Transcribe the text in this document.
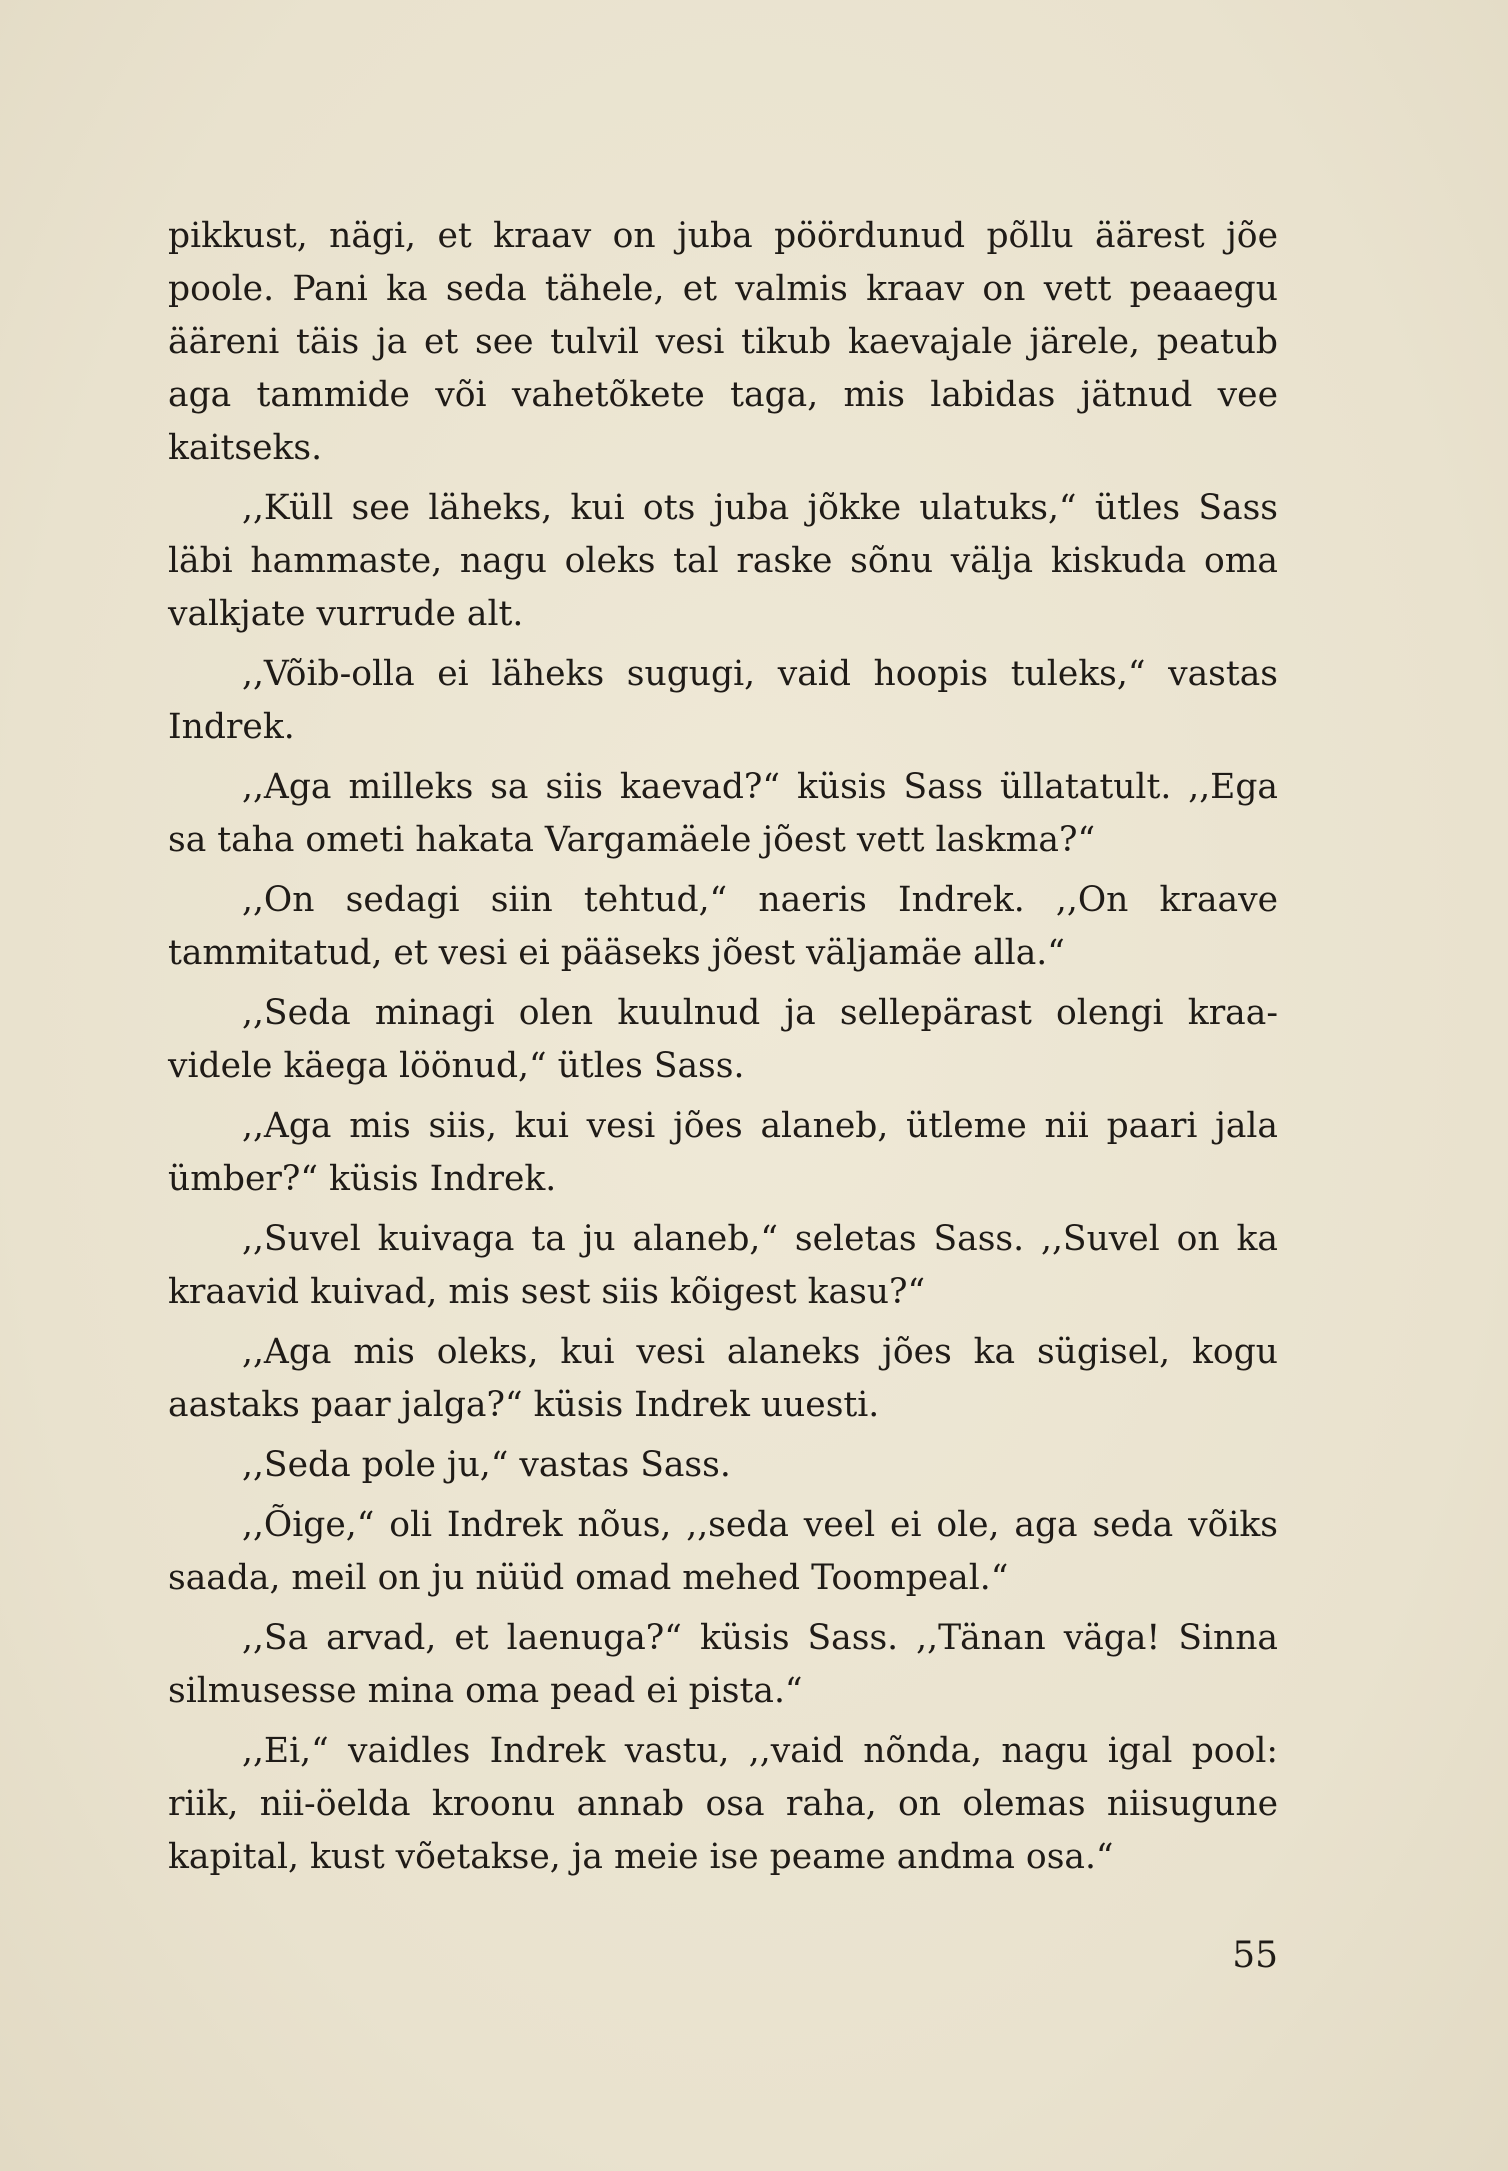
pikkust, nägi, et kraav on juba pöördunud põllu äärest jõe poole. Pani ka seda tähele, et valmis kraav on vett peaaegu ääreni täis ja et see tulvil vesi tikub kaevajale järele, peatub aga tammide või vahetõkete taga, mis labidas jätnud vee kaitseks.

,,Küll see läheks, kui ots juba jõkke ulatuks,“ ütles Sass läbi hammaste, nagu oleks tal raske sõnu välja kiskuda oma valkjate vurrude alt.

,,Võib-olla ei läheks sugugi, vaid hoopis tuleks,“ vastas Indrek.

,,Aga milleks sa siis kaevad?“ küsis Sass üllatatult. ,,Ega sa taha ometi hakata Vargamäele jõest vett laskma?“

,,On sedagi siin tehtud,“ naeris Indrek. ,,On kraave tammitatud, et vesi ei pääseks jõest väljamäe alla.“

,,Seda minagi olen kuulnud ja sellepärast olengi kraavidele käega löönud,“ ütles Sass.

,,Aga mis siis, kui vesi jões alaneb, ütleme nii paari jala ümber?“ küsis Indrek.

,,Suvel kuivaga ta ju alaneb,“ seletas Sass. ,,Suvel on ka kraavid kuivad, mis sest siis kõigest kasu?“

,,Aga mis oleks, kui vesi alaneks jões ka sügisel, kogu aastaks paar jalga?“ küsis Indrek uuesti.

,,Seda pole ju,“ vastas Sass.

,,Õige,“ oli Indrek nõus, ,,seda veel ei ole, aga seda võiks saada, meil on ju nüüd omad mehed Toompeal.“

,,Sa arvad, et laenuga?“ küsis Sass. ,,Tänan väga! Sinna silmusesse mina oma pead ei pista.“

,,Ei,“ vaidles Indrek vastu, ,,vaid nõnda, nagu igal pool: riik, nii-öelda kroonu annab osa raha, on olemas niisugune kapital, kust võetakse, ja meie ise peame andma osa.“

55
